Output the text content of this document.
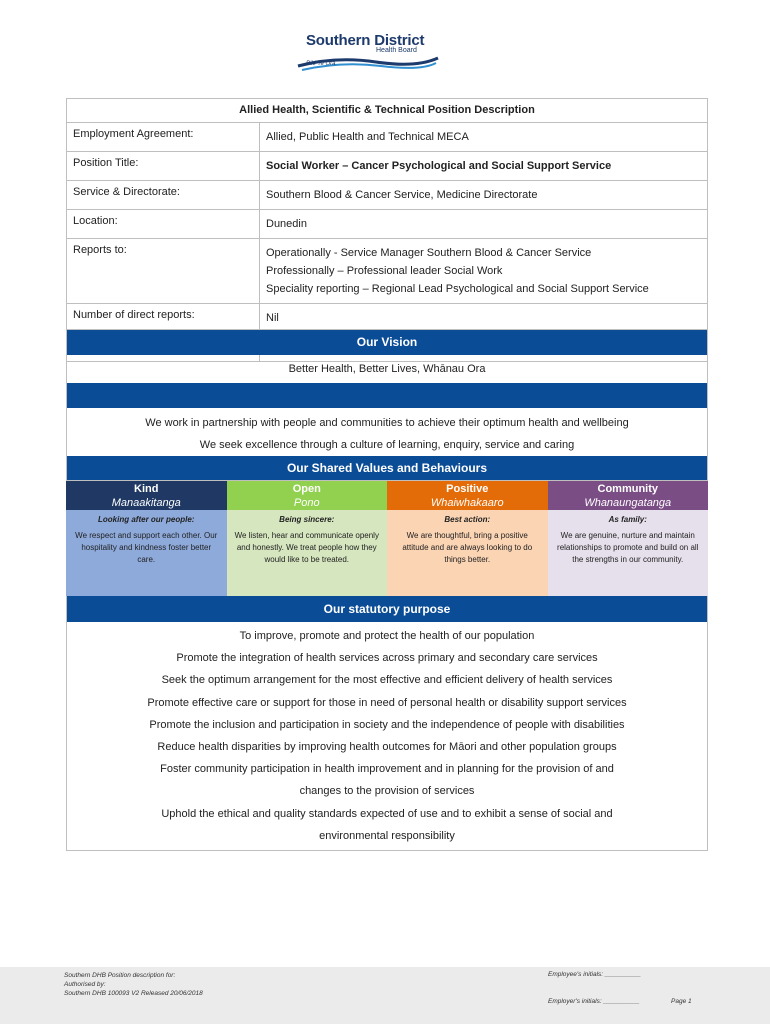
Southern District
Health Board
Piki Te Ora
Allied Health, Scientific & Technical Position Description
Employment Agreement:	Allied, Public Health and Technical MECA
Position Title:	Social Worker – Cancer Psychological and Social Support Service
Service & Directorate:	Southern Blood & Cancer Service, Medicine Directorate
Location:	Dunedin
Reports to:	Operationally - Service Manager Southern Blood & Cancer Service
Professionally – Professional leader Social Work
Speciality reporting – Regional Lead Psychological and Social Support Service
Number of direct reports:	Nil
Our Vision
Better Health, Better Lives, Whānau Ora
We work in partnership with people and communities to achieve their optimum health and wellbeing
We seek excellence through a culture of learning, enquiry, service and caring
Our Shared Values and Behaviours
Kind
Manaakitanga
Looking after our people:
We respect and support each other. Our hospitality and kindness foster better care.
Open
Pono
Being sincere:
We listen, hear and communicate openly and honestly. We treat people how they would like to be treated.
Positive
Whaiwhakaaro
Best action:
We are thoughtful, bring a positive attitude and are always looking to do things better.
Community
Whanaungatanga
As family:
We are genuine, nurture and maintain relationships to promote and build on all the strengths in our community.
Our statutory purpose
To improve, promote and protect the health of our population
Promote the integration of health services across primary and secondary care services
Seek the optimum arrangement for the most effective and efficient delivery of health services
Promote effective care or support for those in need of personal health or disability support services
Promote the inclusion and participation in society and the independence of people with disabilities
Reduce health disparities by improving health outcomes for Māori and other population groups
Foster community participation in health improvement and in planning for the provision of and
changes to the provision of services
Uphold the ethical and quality standards expected of use and to exhibit a sense of social and
environmental responsibility
Southern DHB Position description for:
Authorised by:
Southern DHB 100093 V2 Released 20/06/2018
Employee's initials: __________
Employer's initials: __________	Page 1
